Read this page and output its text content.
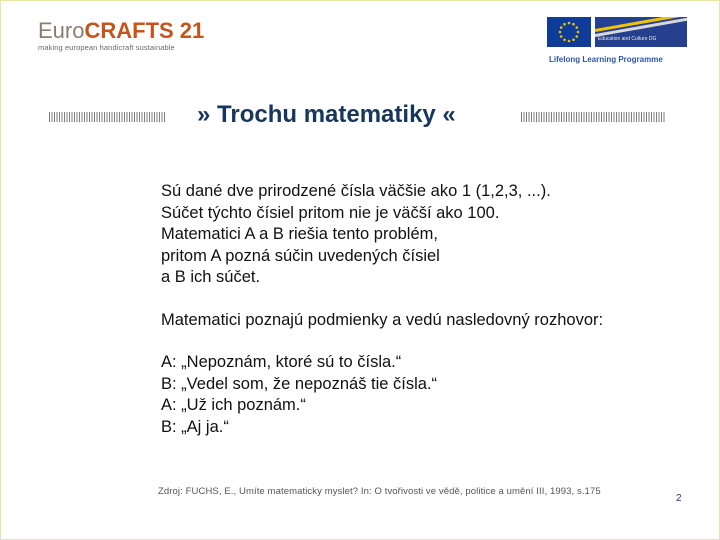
EuroCRAFTS 21
making european handicraft sustainable
Education and Culture DG
Lifelong Learning Programme
» Trochu matematiky «
Sú dané dve prirodzené čísla väčšie ako 1 (1,2,3, ...).
Súčet týchto čísiel pritom nie je väčší ako 100.
Matematici A a B riešia tento problém,
pritom A pozná súčin uvedených čísiel
a B ich súčet.
Matematici poznajú podmienky a vedú nasledovný rozhovor:
A: „Nepoznám, ktoré sú to čísla.“
B: „Vedel som, že nepoznáš tie čísla.“
A: „Už ich poznám.“
B: „Aj ja.“
Zdroj: FUCHS, E., Umíte matematicky myslet? In: O tvořivosti ve vědě, politice a umění III, 1993, s.175
2
